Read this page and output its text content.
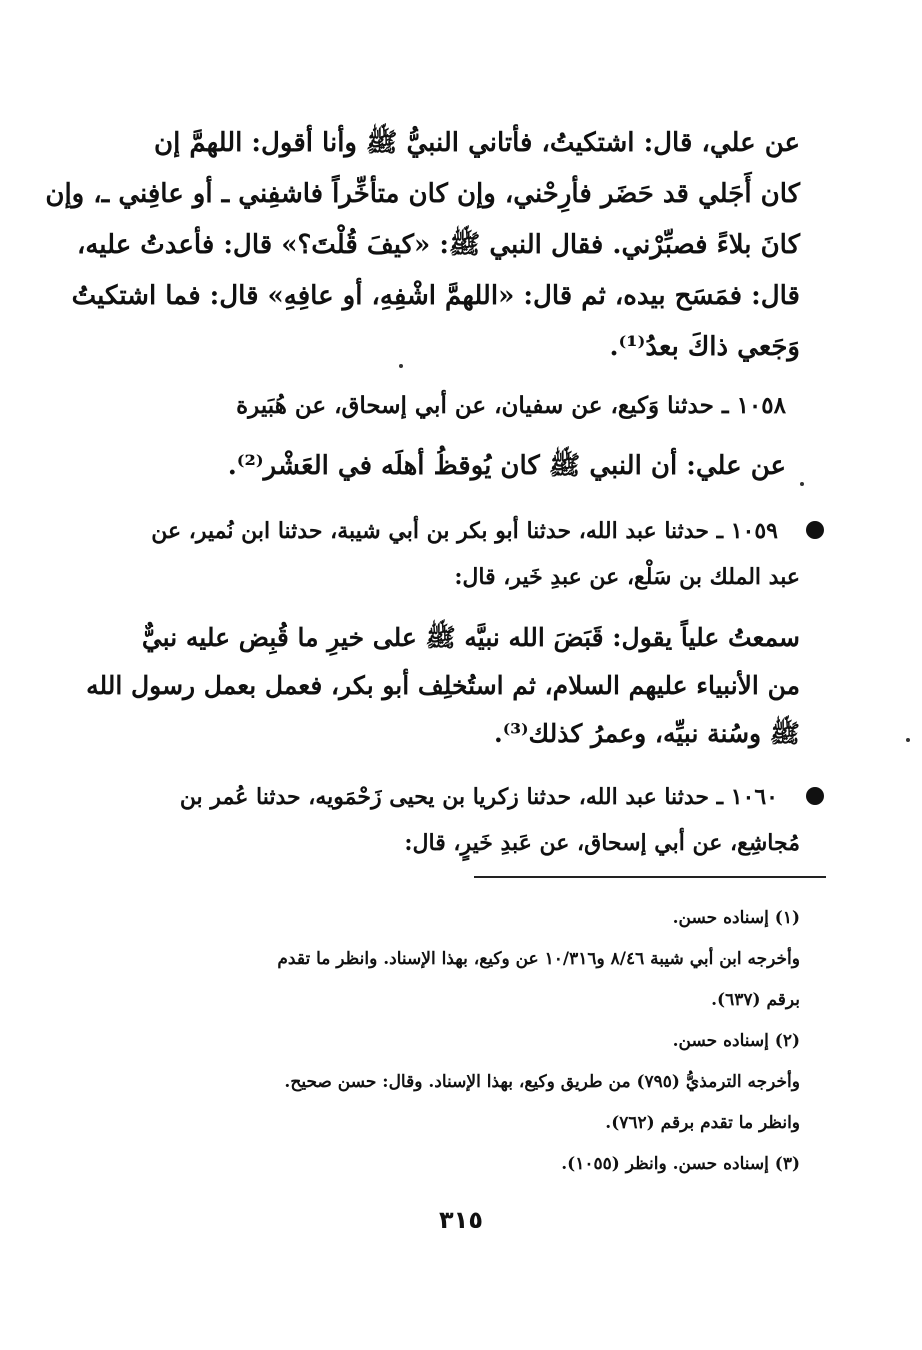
عن علي، قال: اشتكيتُ، فأتاني النبيُّ ﷺ وأنا أقول: اللهمَّ إن
كان أَجَلي قد حَضَر فأرِحْني، وإن كان متأخِّراً فاشفِني ـ أو عافِني ـ، وإن
كانَ بلاءً فصبِّرْني. فقال النبي ﷺ: «كيفَ قُلْتَ؟» قال: فأعدتُ عليه،
قال: فمَسَح بيده، ثم قال: «اللهمَّ اشْفِهِ، أو عافِهِ» قال: فما اشتكيتُ
وَجَعي ذاكَ بعدُ⁽¹⁾.
١٠٥٨ ـ حدثنا وَكيع، عن سفيان، عن أبي إسحاق، عن هُبَيرة
عن علي: أن النبي ﷺ كان يُوقظُ أهلَه في العَشْر⁽²⁾.
١٠٥٩ ـ حدثنا عبد الله، حدثنا أبو بكر بن أبي شيبة، حدثنا ابن نُمير، عن
عبد الملك بن سَلْع، عن عبدِ خَير، قال:
سمعتُ علياً يقول: قَبَضَ الله نبيَّه ﷺ على خيرِ ما قُبِض عليه نبيٌّ
من الأنبياء عليهم السلام، ثم استُخلِف أبو بكر، فعمل بعمل رسول الله
ﷺ وسُنة نبيِّه، وعمرُ كذلك⁽³⁾.
١٠٦٠ ـ حدثنا عبد الله، حدثنا زكريا بن يحيى زَحْمَويه، حدثنا عُمر بن
مُجاشِع، عن أبي إسحاق، عن عَبدِ خَيرٍ، قال:
(١) إسناده حسن.
وأخرجه ابن أبي شيبة ٨/٤٦ و١٠/٣١٦ عن وكيع، بهذا الإسناد. وانظر ما تقدم
برقم (٦٣٧).
(٢) إسناده حسن.
وأخرجه الترمذيُّ (٧٩٥) من طريق وكيع، بهذا الإسناد. وقال: حسن صحيح.
وانظر ما تقدم برقم (٧٦٢).
(٣) إسناده حسن. وانظر (١٠٥٥).
٣١٥
